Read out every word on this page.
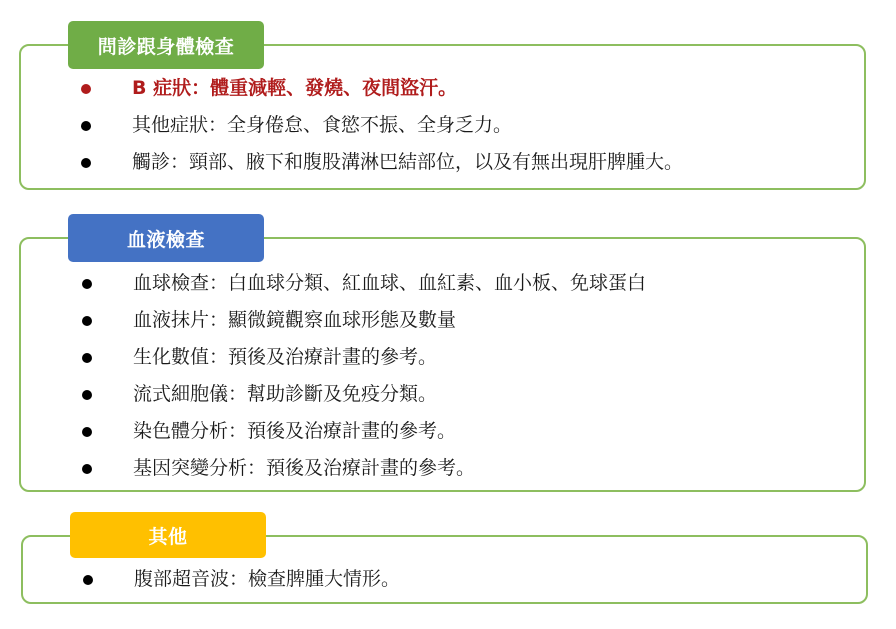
問診跟身體檢查
B 症狀：體重減輕、發燒、夜間盜汗。
其他症狀：全身倦怠、食慾不振、全身乏力。
觸診：頸部、腋下和腹股溝淋巴結部位，以及有無出現肝脾腫大。
血液檢查
血球檢查：白血球分類、紅血球、血紅素、血小板、免球蛋白
血液抹片：顯微鏡觀察血球形態及數量
生化數值：預後及治療計畫的參考。
流式細胞儀：幫助診斷及免疫分類。
染色體分析：預後及治療計畫的參考。
基因突變分析：預後及治療計畫的參考。
其他
腹部超音波：檢查脾腫大情形。
